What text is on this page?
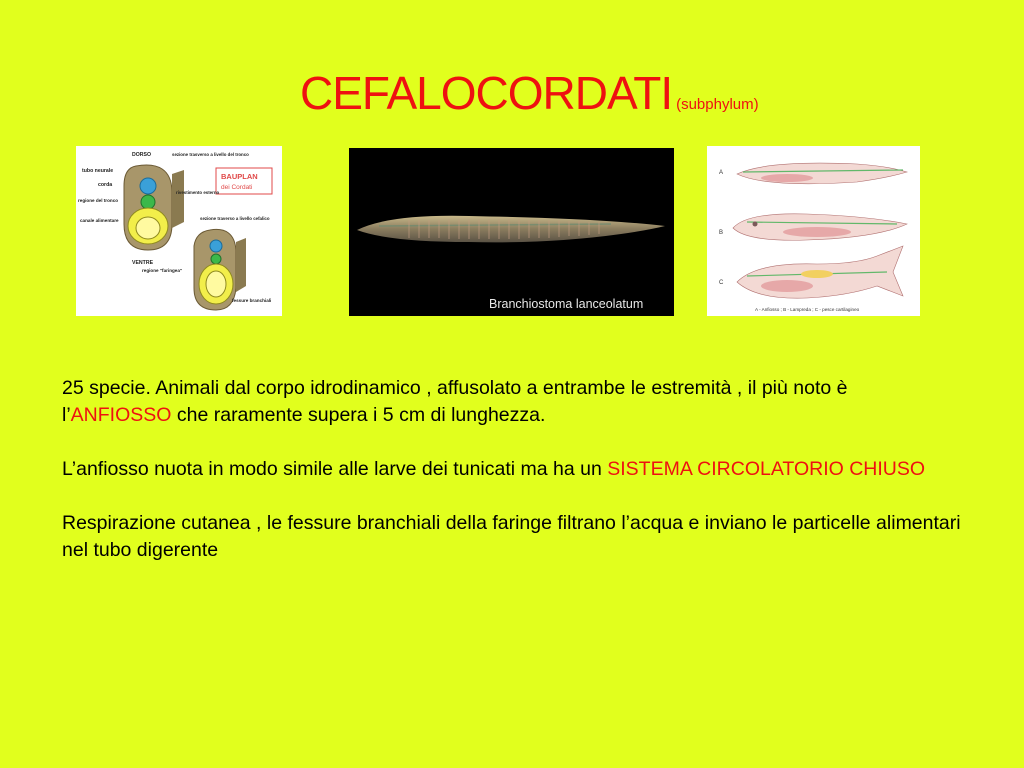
CEFALOCORDATI (subphylum)
BAUPLAN
dei Cordati
DORSO	sezione trasverso a livello del tronco
tubo neurale
corda
regione del tronco
canale alimentare
VENTRE
rivestimento esterno
sezione traverso a livello cefalico
regione "faringea"
fessure branchiali	Branchiostoma lanceolatum
A
B
C
A - Anfiosso ; B - Lampreda ; C - pesce cartilagineo

25 specie. Animali dal corpo idrodinamico , affusolato a entrambe le estremità , il più noto è l’ANFIOSSO che raramente supera i 5 cm di lunghezza.

L’anfiosso nuota in modo simile alle larve dei tunicati ma ha un SISTEMA CIRCOLATORIO CHIUSO

Respirazione cutanea , le fessure branchiali della faringe filtrano l’acqua e inviano le particelle alimentari nel tubo digerente
